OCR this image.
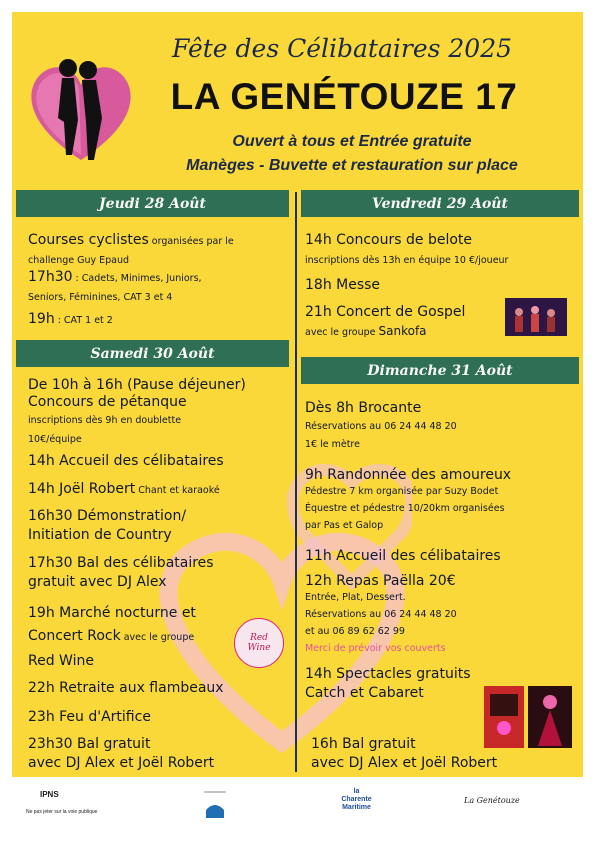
Fête des Célibataires 2025
LA GENÉTOUZE 17
Ouvert à tous et Entrée gratuite
Manèges - Buvette et restauration sur place
Jeudi 28 Août
Courses cyclistes organisées par le
challenge Guy Epaud
17h30 : Cadets, Minimes, Juniors,
Seniors, Féminines, CAT 3 et 4
19h : CAT 1 et 2
Vendredi 29 Août
14h Concours de belote
inscriptions dès 13h en équipe 10 €/joueur
18h Messe
21h Concert de Gospel
avec le groupe Sankofa
Samedi 30 Août
De 10h à 16h (Pause déjeuner)
Concours de pétanque
inscriptions dès 9h en doublette
10€/équipe
14h Accueil des célibataires
14h Joël Robert Chant et karaoké
16h30 Démonstration/
Initiation de Country
17h30 Bal des célibataires
gratuit avec DJ Alex
19h Marché nocturne et
Concert Rock avec le groupe
Red Wine
Red Wine
22h Retraite aux flambeaux
23h Feu d'Artifice
23h30 Bal gratuit
avec DJ Alex et Joël Robert
Dimanche 31 Août
Dès 8h Brocante
Réservations au 06 24 44 48 20
1€ le mètre
9h Randonnée des amoureux
Pédestre 7 km organisée par Suzy Bodet
Équestre et pédestre 10/20km organisées
par Pas et Galop
11h Accueil des célibataires
12h Repas Paëlla 20€
Entrée, Plat, Dessert.
Réservations au 06 24 44 48 20
et au 06 89 62 62 99
Merci de prévoir vos couverts
14h Spectacles gratuits
Catch et Cabaret
16h Bal gratuit
avec DJ Alex et Joël Robert
IPNS
Ne pas jeter sur la voie publique
la
Charente
Maritime
La Genétouze
